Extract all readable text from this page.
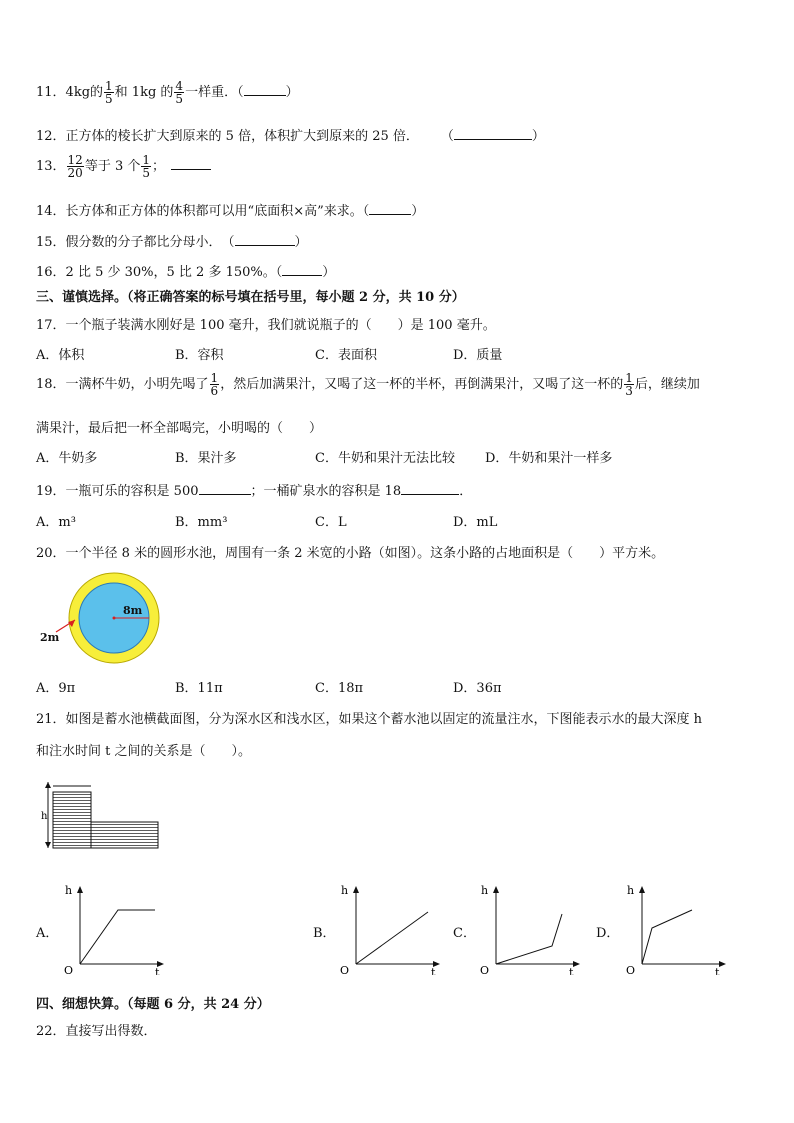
11．4kg的 $\frac{1}{5}$ 和 1kg 的 $\frac{4}{5}$ 一样重．（	）
12．正方体的棱长扩大到原来的 5 倍，体积扩大到原来的 25 倍． （	）
13． $\frac{12}{20}$ 等于 3 个 $\frac{1}{5}$ ；
14．长方体和正方体的体积都可以用“底面积×高”来求。（	）
15．假分数的分子都比分母小．　（	）
16．2 比 5 少 30%，5 比 2 多 150%。（	）
三、谨慎选择。（将正确答案的标号填在括号里，每小题 2 分，共 10 分）
17．一个瓶子装满水刚好是 100 毫升，我们就说瓶子的（　　）是 100 毫升。
A．体积	B．容积	C．表面积	D．质量
18．一满杯牛奶，小明先喝了 $\frac{1}{6}$ ，然后加满果汁，又喝了这一杯的半杯，再倒满果汁，又喝了这一杯的 $\frac{1}{3}$ 后，继续加
满果汁，最后把一杯全部喝完，小明喝的（　　）
A．牛奶多	B．果汁多	C．牛奶和果汁无法比较 D．牛奶和果汁一样多
19．一瓶可乐的容积是 500	；一桶矿泉水的容积是 18	．
A．m³	B．mm³	C．L	D．mL
20．一个半径 8 米的圆形水池，周围有一条 2 米宽的小路（如图）。这条小路的占地面积是（　　）平方米。
8m
2m
A．9π	B．11π	C．18π	D．36π
21．如图是蓄水池横截面图，分为深水区和浅水区，如果这个蓄水池以固定的流量注水，下图能表示水的最大深度 h
和注水时间 t 之间的关系是（　　）。
h
A．	B．	C．	D．
h
t
O
h
t
O
h
t
O
h
t
O
四、细想快算。（每题 6 分，共 24 分）
22．直接写出得数．
